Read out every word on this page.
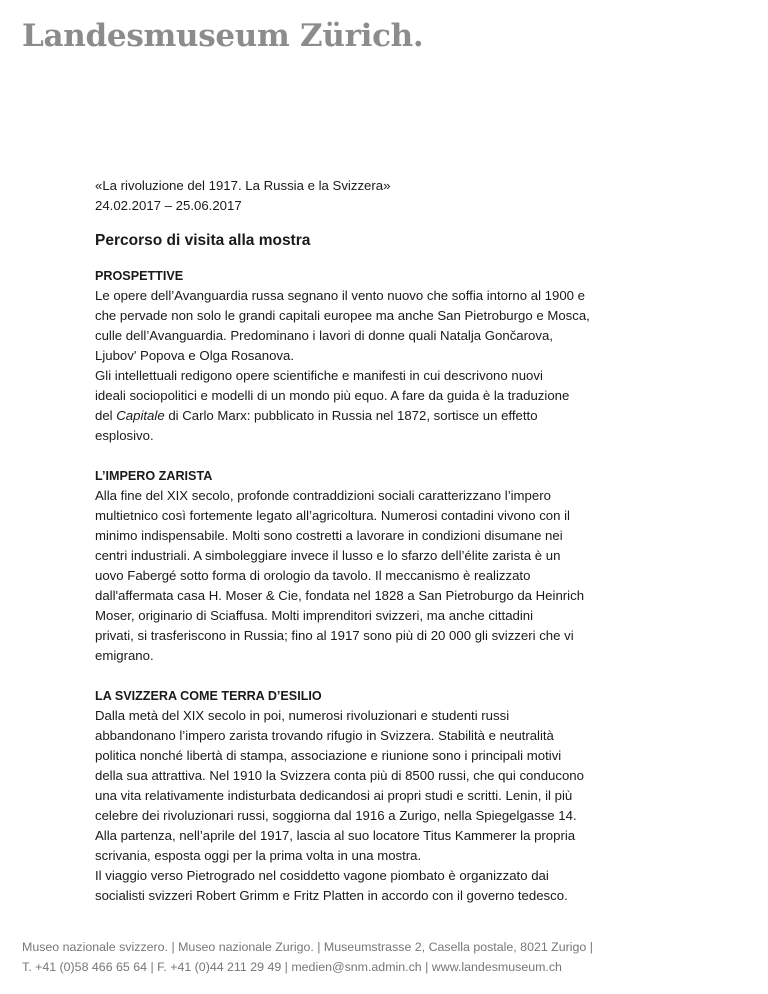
Landesmuseum Zürich.
«La rivoluzione del 1917. La Russia e la Svizzera»
24.02.2017 – 25.06.2017
Percorso di visita alla mostra
PROSPETTIVE
Le opere dell’Avanguardia russa segnano il vento nuovo che soffia intorno al 1900 e
che pervade non solo le grandi capitali europee ma anche San Pietroburgo e Mosca,
culle dell’Avanguardia. Predominano i lavori di donne quali Natalja Gončarova,
Ljubov' Popova e Olga Rosanova.
Gli intellettuali redigono opere scientifiche e manifesti in cui descrivono nuovi
ideali sociopolitici e modelli di un mondo più equo. A fare da guida è la traduzione
del Capitale di Carlo Marx: pubblicato in Russia nel 1872, sortisce un effetto
esplosivo.
L’IMPERO ZARISTA
Alla fine del XIX secolo, profonde contraddizioni sociali caratterizzano l’impero
multietnico così fortemente legato all’agricoltura. Numerosi contadini vivono con il
minimo indispensabile. Molti sono costretti a lavorare in condizioni disumane nei
centri industriali. A simboleggiare invece il lusso e lo sfarzo dell’élite zarista è un
uovo Fabergé sotto forma di orologio da tavolo. Il meccanismo è realizzato
dall'affermata casa H. Moser & Cie, fondata nel 1828 a San Pietroburgo da Heinrich
Moser, originario di Sciaffusa. Molti imprenditori svizzeri, ma anche cittadini
privati, si trasferiscono in Russia; fino al 1917 sono più di 20 000 gli svizzeri che vi
emigrano.
LA SVIZZERA COME TERRA D’ESILIO
Dalla metà del XIX secolo in poi, numerosi rivoluzionari e studenti russi
abbandonano l’impero zarista trovando rifugio in Svizzera. Stabilità e neutralità
politica nonché libertà di stampa, associazione e riunione sono i principali motivi
della sua attrattiva. Nel 1910 la Svizzera conta più di 8500 russi, che qui conducono
una vita relativamente indisturbata dedicandosi ai propri studi e scritti. Lenin, il più
celebre dei rivoluzionari russi, soggiorna dal 1916 a Zurigo, nella Spiegelgasse 14.
Alla partenza, nell’aprile del 1917, lascia al suo locatore Titus Kammerer la propria
scrivania, esposta oggi per la prima volta in una mostra.
Il viaggio verso Pietrogrado nel cosiddetto vagone piombato è organizzato dai
socialisti svizzeri Robert Grimm e Fritz Platten in accordo con il governo tedesco.
Museo nazionale svizzero. | Museo nazionale Zurigo. | Museumstrasse 2, Casella postale, 8021 Zurigo |
T. +41 (0)58 466 65 64 | F. +41 (0)44 211 29 49 | medien@snm.admin.ch | www.landesmuseum.ch
